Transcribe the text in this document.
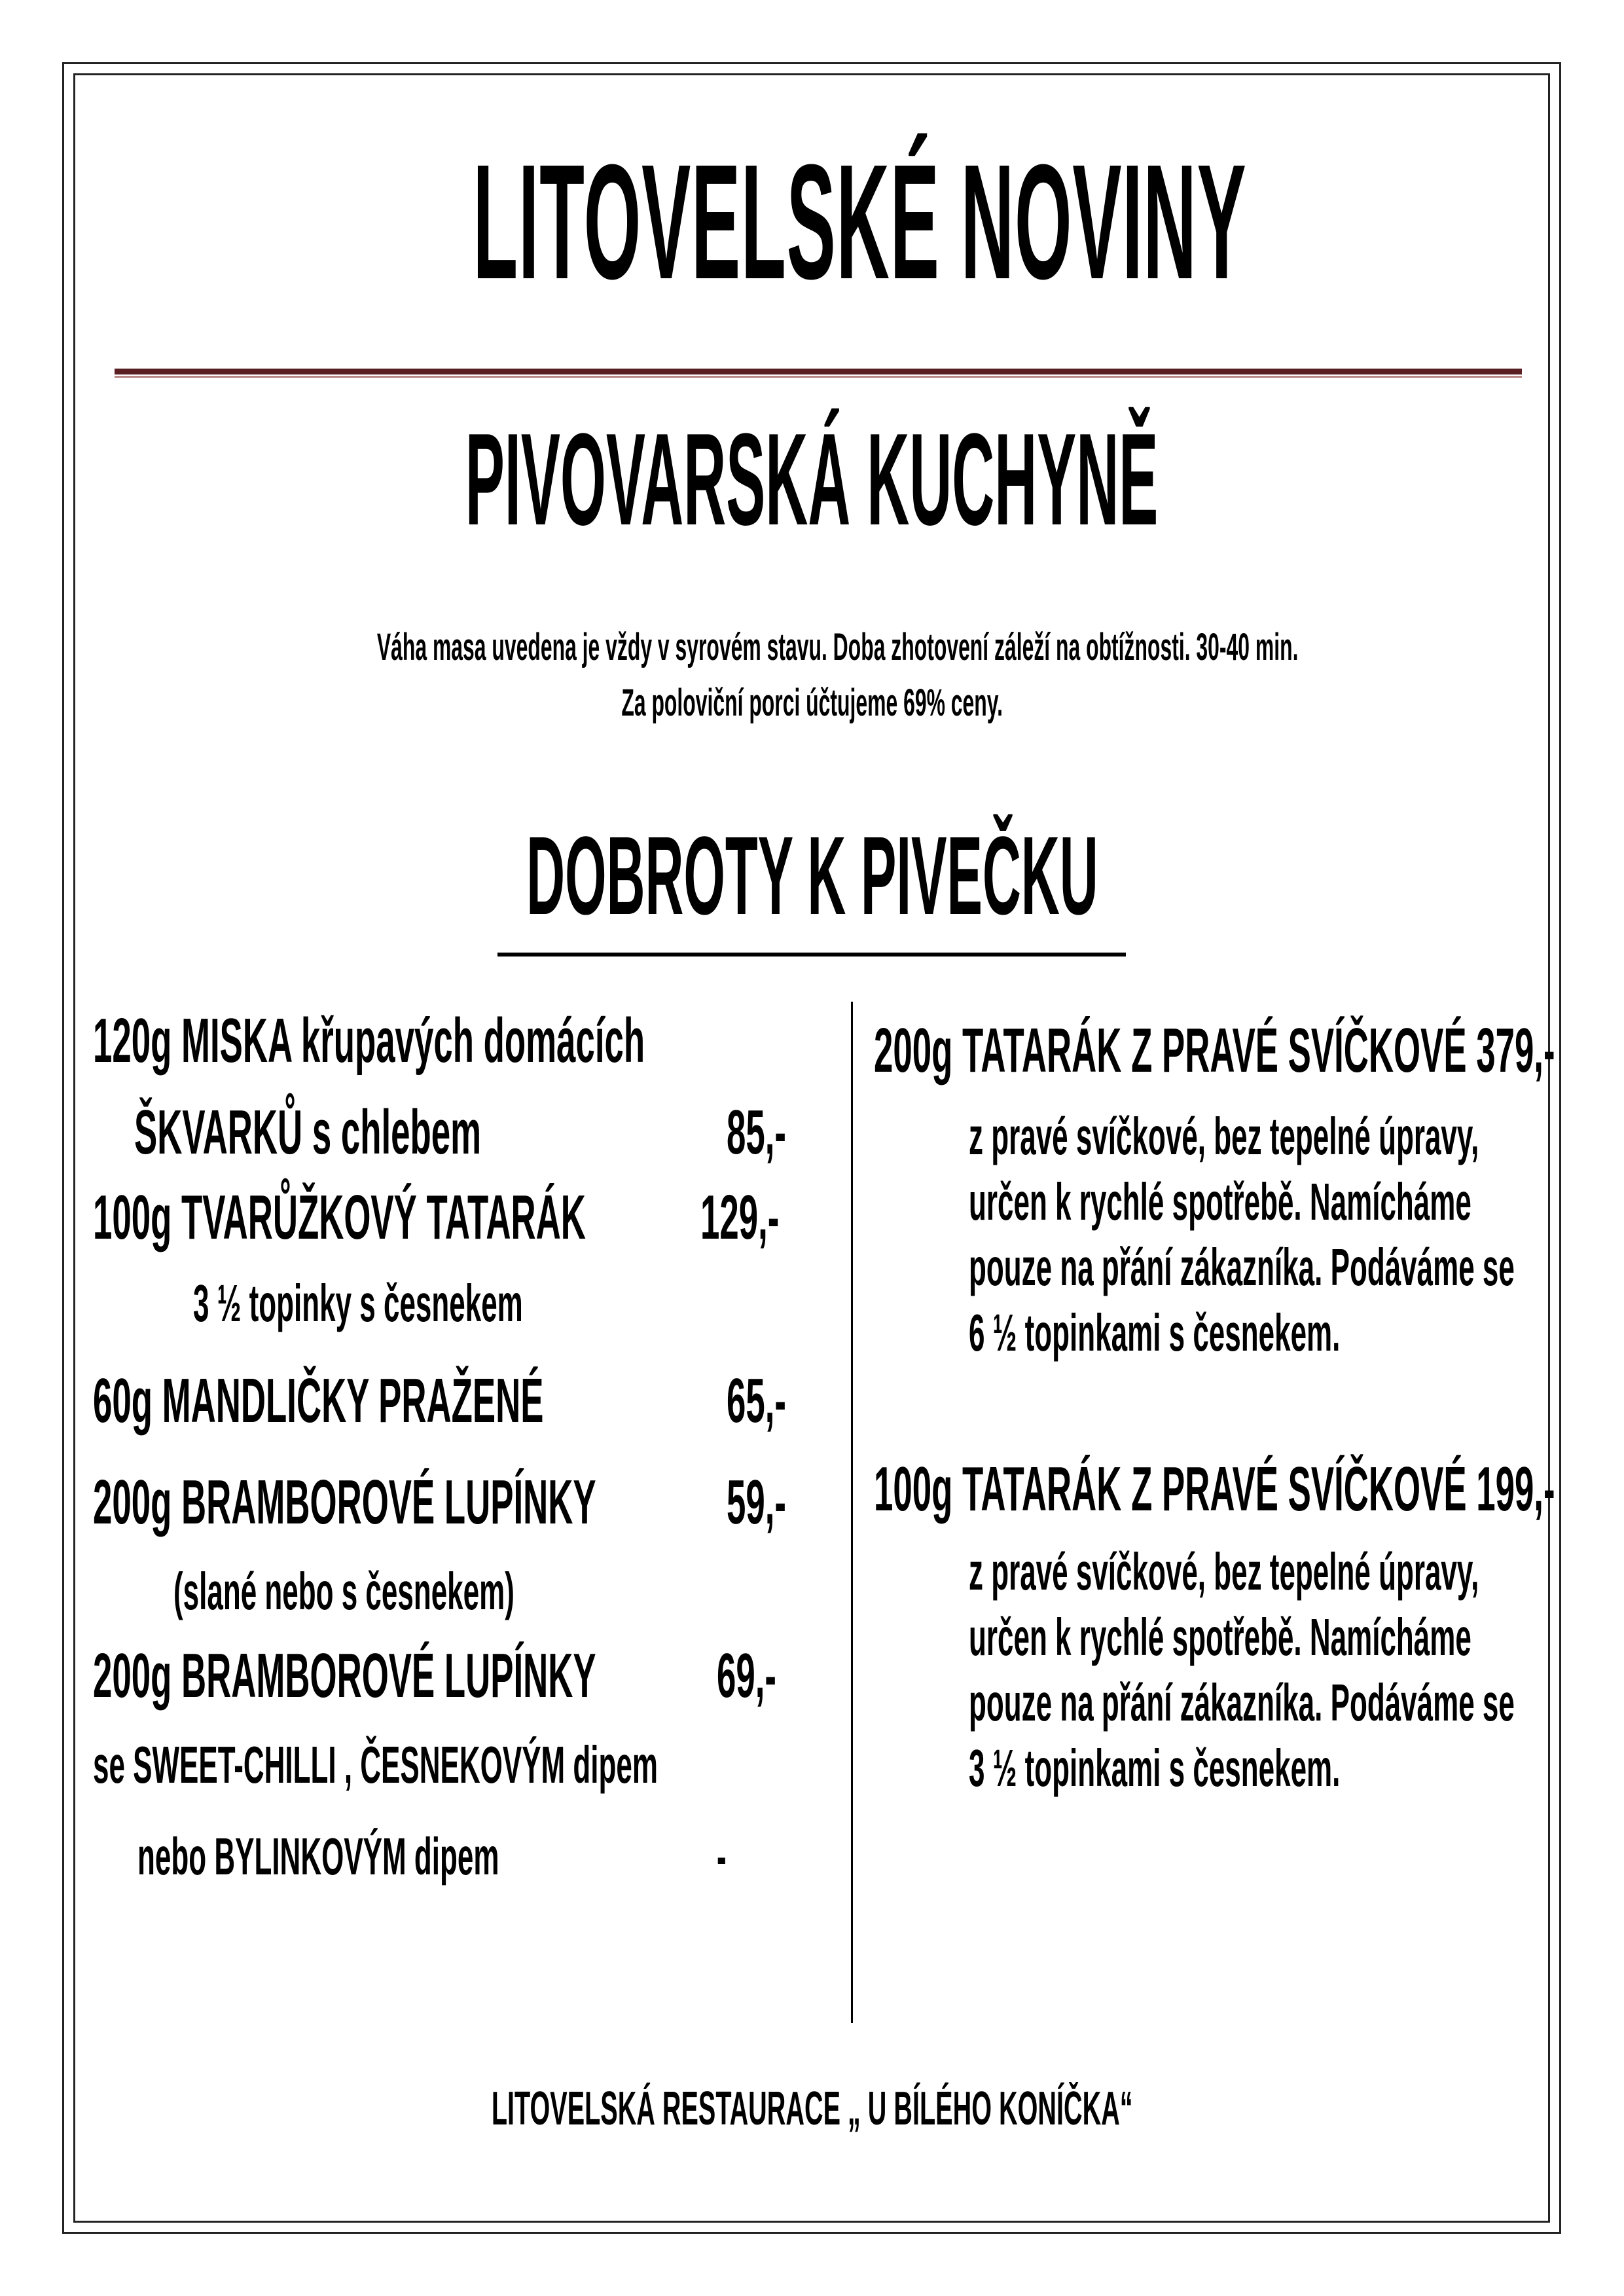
LITOVELSKÉ NOVINY
PIVOVARSKÁ KUCHYNĚ
Váha masa uvedena je vždy v syrovém stavu. Doba zhotovení záleží na obtížnosti. 30-40 min.
Za poloviční porci účtujeme 69% ceny.
DOBROTY K PIVEČKU
120g MISKA křupavých domácích
ŠKVARKŮ s chlebem	85,-
100g TVARŮŽKOVÝ TATARÁK	129,-
3 ½ topinky s česnekem
60g MANDLIČKY PRAŽENÉ	65,-
200g BRAMBOROVÉ LUPÍNKY	59,-
(slané nebo s česnekem)
200g BRAMBOROVÉ LUPÍNKY	69,-
se SWEET-CHILLI , ČESNEKOVÝM dipem
nebo BYLINKOVÝM dipem	-
200g TATARÁK Z PRAVÉ SVÍČKOVÉ 379,-
z pravé svíčkové, bez tepelné úpravy,
určen k rychlé spotřebě. Namícháme
pouze na přání zákazníka. Podáváme se
6 ½ topinkami s česnekem.
100g TATARÁK Z PRAVÉ SVÍČKOVÉ 199,-
z pravé svíčkové, bez tepelné úpravy,
určen k rychlé spotřebě. Namícháme
pouze na přání zákazníka. Podáváme se
3 ½ topinkami s česnekem.
LITOVELSKÁ RESTAURACE „ U BÍLÉHO KONÍČKA“
